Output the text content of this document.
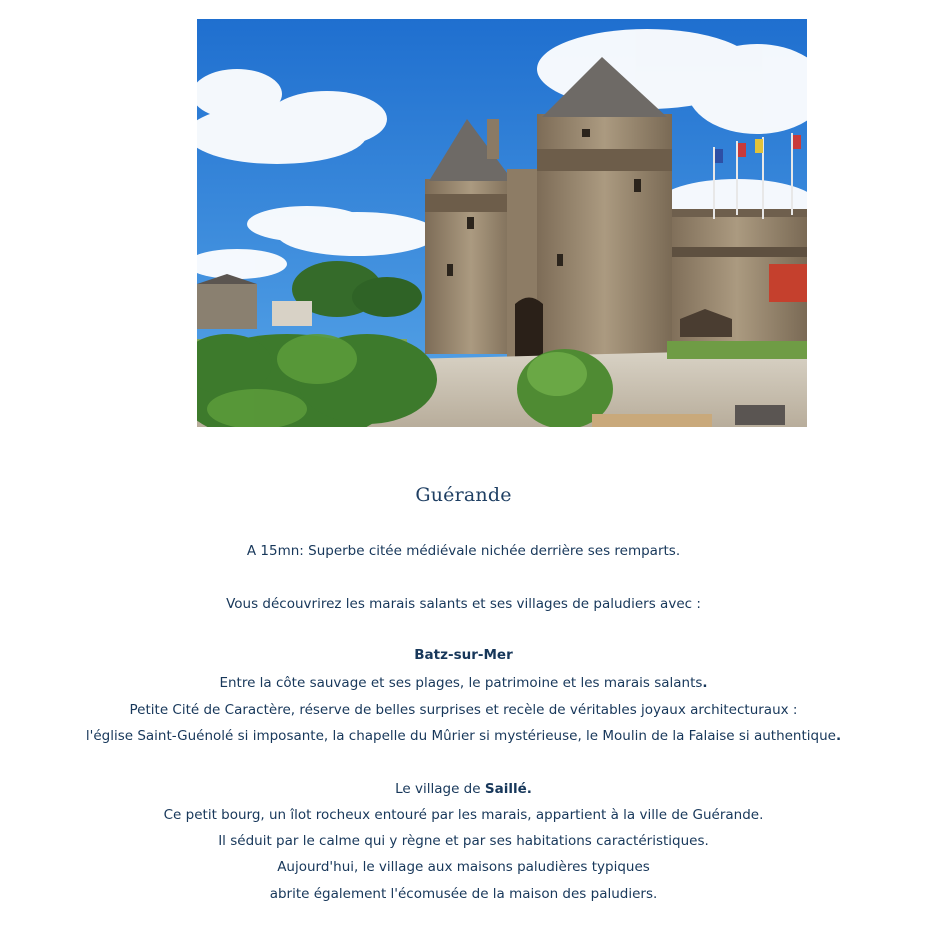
Guérande
A 15mn: Superbe citée médiévale nichée derrière ses remparts.
Vous découvrirez les marais salants et ses villages de paludiers avec :
Batz-sur-Mer
Entre la côte sauvage et ses plages, le patrimoine et les marais salants.
Petite Cité de Caractère, réserve de belles surprises et recèle de véritables joyaux architecturaux :
l'église Saint-Guénolé si imposante, la chapelle du Mûrier si mystérieuse, le Moulin de la Falaise si authentique.
Le village de Saillé.
Ce petit bourg, un îlot rocheux entouré par les marais, appartient à la ville de Guérande.
Il séduit par le calme qui y règne et par ses habitations caractéristiques.
Aujourd'hui, le village aux maisons paludières typiques
abrite également l'écomusée de la maison des paludiers.
